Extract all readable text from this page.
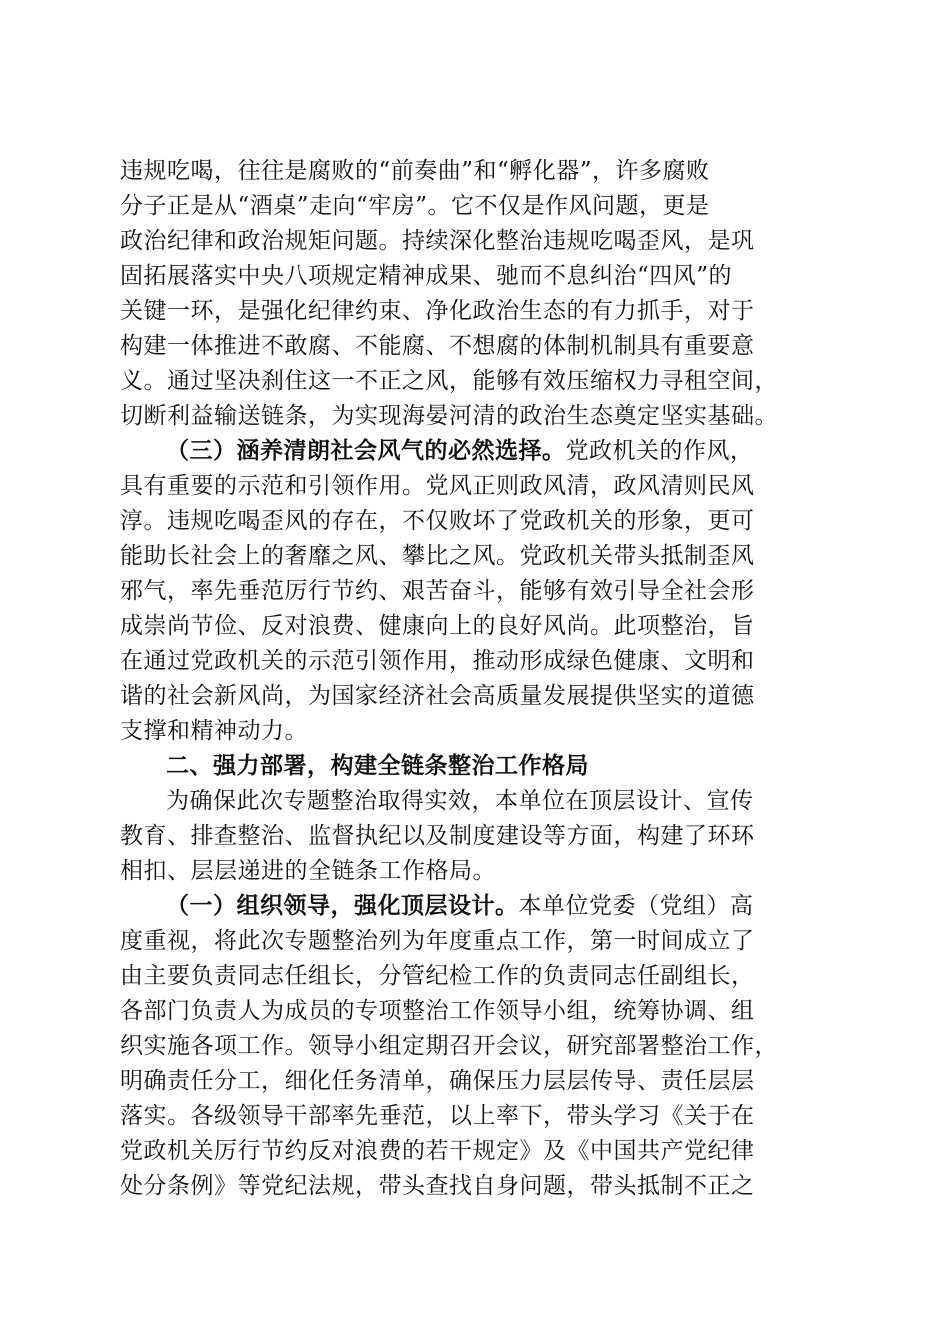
违规吃喝，往往是腐败的“前奏曲”和“孵化器”，许多腐败
分子正是从“酒桌”走向“牢房”。它不仅是作风问题，更是
政治纪律和政治规矩问题。持续深化整治违规吃喝歪风，是巩
固拓展落实中央八项规定精神成果、驰而不息纠治“四风”的
关键一环，是强化纪律约束、净化政治生态的有力抓手，对于
构建一体推进不敢腐、不能腐、不想腐的体制机制具有重要意
义。通过坚决刹住这一不正之风，能够有效压缩权力寻租空间，
切断利益输送链条，为实现海晏河清的政治生态奠定坚实基础。
（三）涵养清朗社会风气的必然选择。党政机关的作风，
具有重要的示范和引领作用。党风正则政风清，政风清则民风
淳。违规吃喝歪风的存在，不仅败坏了党政机关的形象，更可
能助长社会上的奢靡之风、攀比之风。党政机关带头抵制歪风
邪气，率先垂范厉行节约、艰苦奋斗，能够有效引导全社会形
成崇尚节俭、反对浪费、健康向上的良好风尚。此项整治，旨
在通过党政机关的示范引领作用，推动形成绿色健康、文明和
谐的社会新风尚，为国家经济社会高质量发展提供坚实的道德
支撑和精神动力。
二、强力部署，构建全链条整治工作格局
为确保此次专题整治取得实效，本单位在顶层设计、宣传
教育、排查整治、监督执纪以及制度建设等方面，构建了环环
相扣、层层递进的全链条工作格局。
（一）组织领导，强化顶层设计。本单位党委（党组）高
度重视，将此次专题整治列为年度重点工作，第一时间成立了
由主要负责同志任组长，分管纪检工作的负责同志任副组长，
各部门负责人为成员的专项整治工作领导小组，统筹协调、组
织实施各项工作。领导小组定期召开会议，研究部署整治工作，
明确责任分工，细化任务清单，确保压力层层传导、责任层层
落实。各级领导干部率先垂范，以上率下，带头学习《关于在
党政机关厉行节约反对浪费的若干规定》及《中国共产党纪律
处分条例》等党纪法规，带头查找自身问题，带头抵制不正之
